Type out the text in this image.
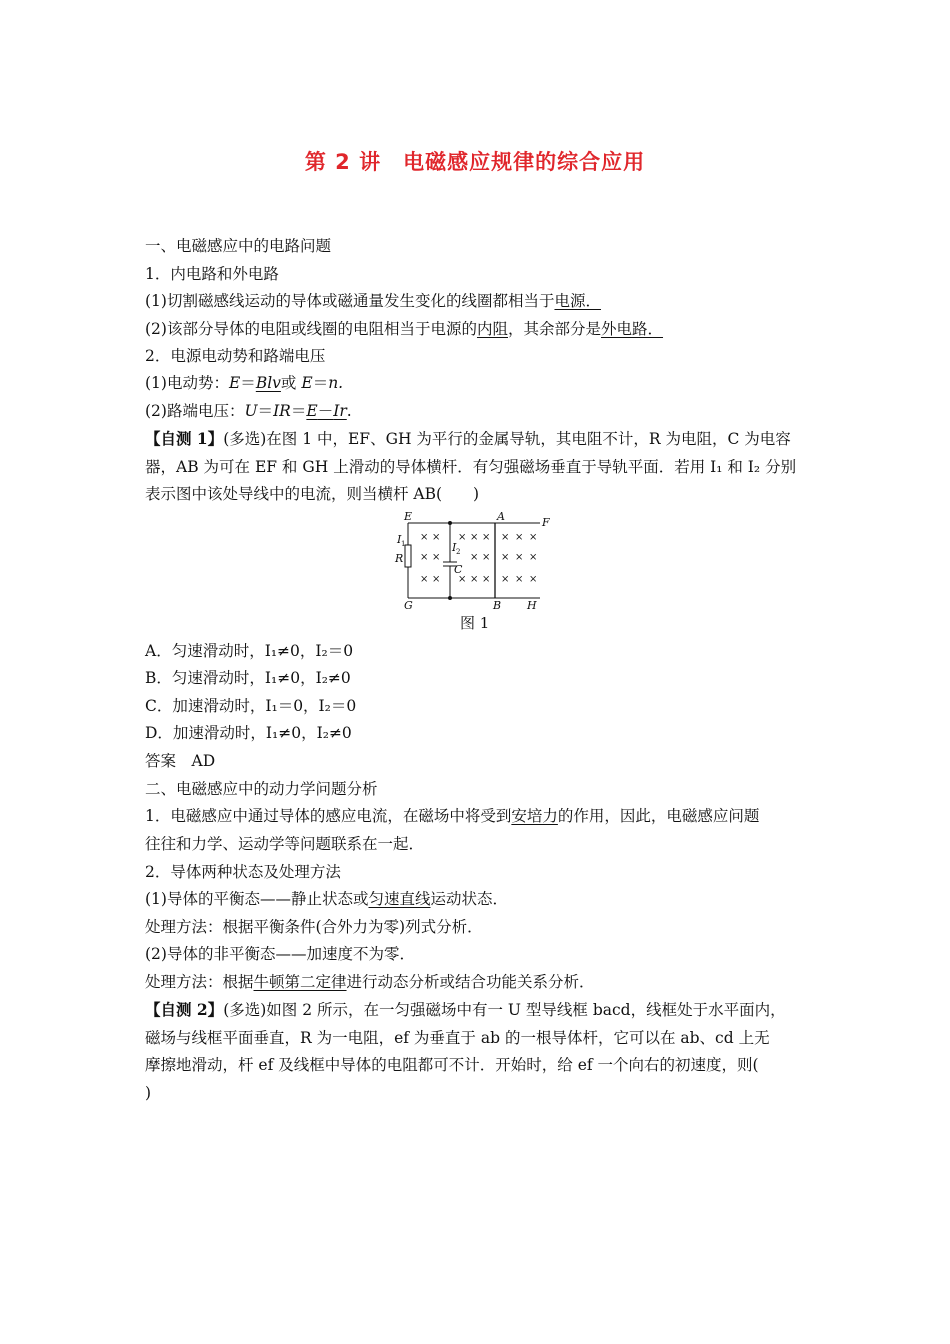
第 2 讲　电磁感应规律的综合应用
一、电磁感应中的电路问题
1．内电路和外电路
(1)切割磁感线运动的导体或磁通量发生变化的线圈都相当于电源．
(2)该部分导体的电阻或线圈的电阻相当于电源的内阻，其余部分是外电路．
2．电源电动势和路端电压
(1)电动势：E＝Blv或 E＝n.
(2)路端电压：U＝IR＝E－Ir.
【自测 1】(多选)在图 1 中，EF、GH 为平行的金属导轨，其电阻不计，R 为电阻，C 为电容
器，AB 为可在 EF 和 GH 上滑动的导体横杆．有匀强磁场垂直于导轨平面．若用 I₁ 和 I₂ 分别
表示图中该处导线中的电流，则当横杆 AB(　　)
× ×
× ×
× ×
× × ×
× ×
× × ×
× × ×
× × ×
× × ×
E	A	F
G	B H
R
C
I
I
1
2
图 1
A．匀速滑动时，I₁≠0，I₂＝0
B．匀速滑动时，I₁≠0，I₂≠0
C．加速滑动时，I₁＝0，I₂＝0
D．加速滑动时，I₁≠0，I₂≠0
答案　AD
二、电磁感应中的动力学问题分析
1．电磁感应中通过导体的感应电流，在磁场中将受到安培力的作用，因此，电磁感应问题
往往和力学、运动学等问题联系在一起．
2．导体两种状态及处理方法
(1)导体的平衡态——静止状态或匀速直线运动状态．
处理方法：根据平衡条件(合外力为零)列式分析．
(2)导体的非平衡态——加速度不为零．
处理方法：根据牛顿第二定律进行动态分析或结合功能关系分析．
【自测 2】(多选)如图 2 所示，在一匀强磁场中有一 U 型导线框 bacd，线框处于水平面内，
磁场与线框平面垂直，R 为一电阻，ef 为垂直于 ab 的一根导体杆，它可以在 ab、cd 上无
摩擦地滑动，杆 ef 及线框中导体的电阻都可不计．开始时，给 ef 一个向右的初速度，则(
)
